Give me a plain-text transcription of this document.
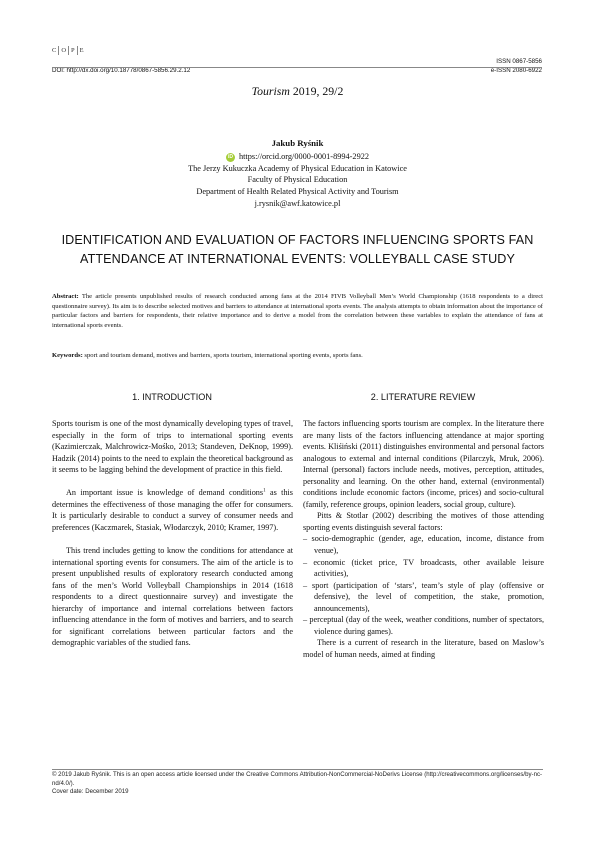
C O P E
ISSN 0867-5856
e-ISSN 2080-6922
DOI: http://dx.doi.org/10.18778/0867-5856.29.2.12
Tourism 2019, 29/2
Jakub Ryśnik
iD https://orcid.org/0000-0001-8994-2922
The Jerzy Kukuczka Academy of Physical Education in Katowice
Faculty of Physical Education
Department of Health Related Physical Activity and Tourism
j.rysnik@awf.katowice.pl
IDENTIFICATION AND EVALUATION OF FACTORS INFLUENCING SPORTS FAN
ATTENDANCE AT INTERNATIONAL EVENTS: VOLLEYBALL CASE STUDY
Abstract: The article presents unpublished results of research conducted among fans at the 2014 FIVB Volleyball Men’s World Championship (1618 respondents to a direct questionnaire survey). Its aim is to describe selected motives and barriers to attendance at international sports events. The analysis attempts to obtain information about the importance of particular factors and barriers for respondents, their relative importance and to derive a model from the correlation between these variables to explain the attendance of fans at international sports events.
Keywords: sport and tourism demand, motives and barriers, sports tourism, international sporting events, sports fans.
1. INTRODUCTION	2. LITERATURE REVIEW

Sports tourism is one of the most dynamically developing types of travel, especially in the form of trips to international sporting events (Kazimierczak, Malchrowicz-Mośko, 2013; Standeven, DeKnop, 1999). Hadzik (2014) points to the need to explain the theoretical background as it seems to be lagging behind the development of practice in this field.

An important issue is knowledge of demand conditions$^1$ as this determines the effectiveness of those managing the offer for consumers. It is particularly desirable to conduct a survey of consumer needs and preferences (Kaczmarek, Stasiak, Włodarczyk, 2010; Kramer, 1997).

This trend includes getting to know the conditions for attendance at international sporting events for consumers. The aim of the article is to present unpublished results of exploratory research conducted among fans of the men’s World Volleyball Championships in 2014 (1618 respondents to a direct questionnaire survey) and investigate the hierarchy of importance and internal correlations between factors influencing attendance in the form of motives and barriers, and to search for significant correlations between particular factors and the demographic variables of the studied fans.

The factors influencing sports tourism are complex. In the literature there are many lists of the factors influencing attendance at major sporting events. Kliśiński (2011) distinguishes environmental and personal factors analogous to external and internal conditions (Pilarczyk, Mruk, 2006). Internal (personal) factors include needs, motives, perception, attitudes, personality and learning. On the other hand, external (environmental) conditions include economic factors (income, prices) and socio-cultural (family, reference groups, opinion leaders, social group, culture).

Pitts & Stotlar (2002) describing the motives of those attending sporting events distinguish several factors:

– socio-demographic (gender, age, education, income, distance from venue),

– economic (ticket price, TV broadcasts, other available leisure activities),

– sport (participation of ‘stars’, team’s style of play (offensive or defensive), the level of competition, the stake, promotion, announcements),

– perceptual (day of the week, weather conditions, number of spectators, violence during games).

There is a current of research in the literature, based on Maslow’s model of human needs, aimed at finding

© 2019 Jakub Ryśnik. This is an open access article licensed under the Creative Commons Attribution-NonCommercial-NoDerivs License (http://creativecommons.org/licenses/by-nc-nd/4.0/).
Cover date: December 2019
